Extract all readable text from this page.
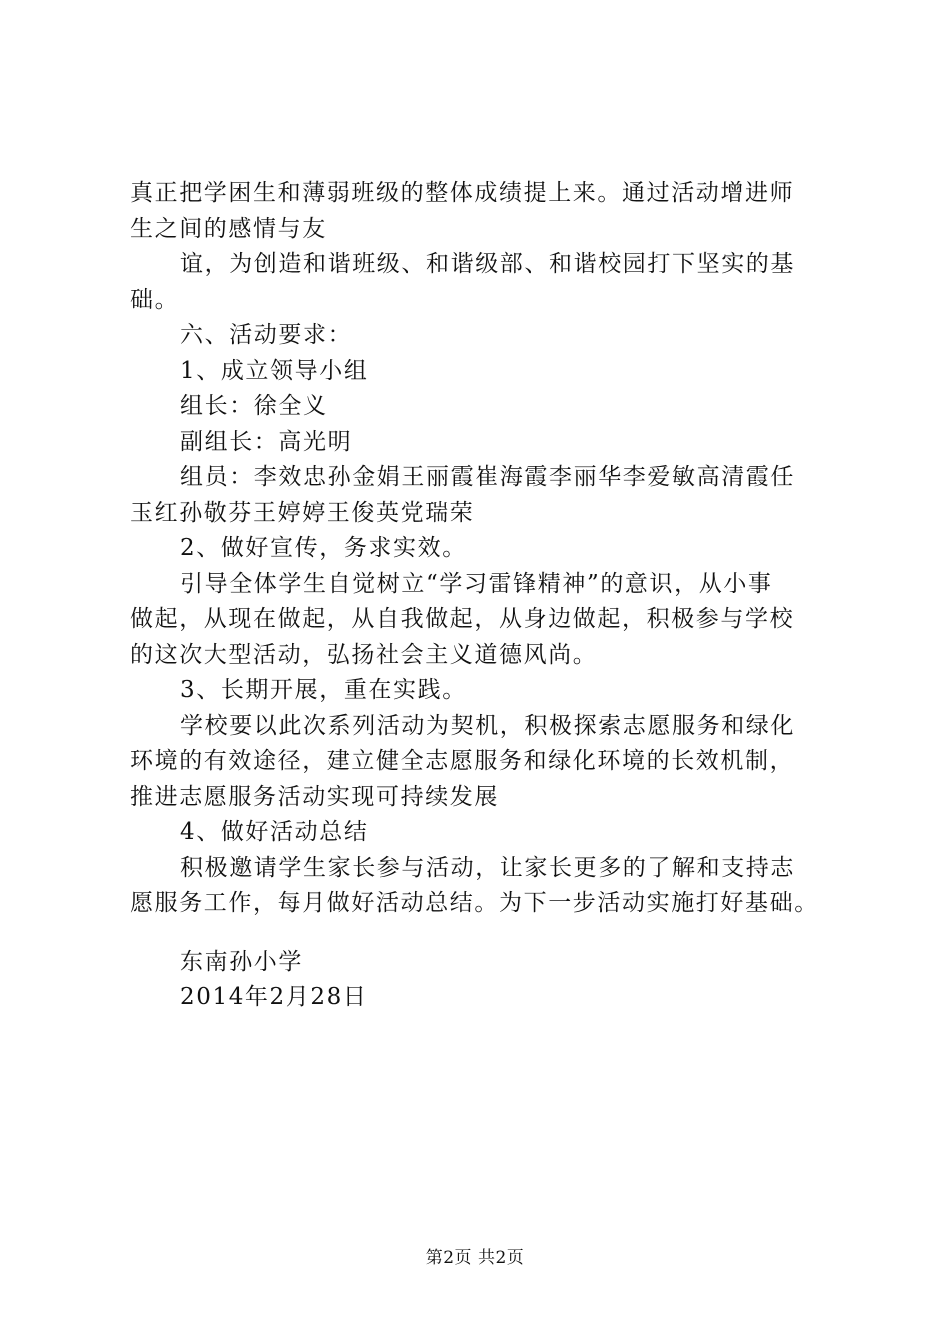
真正把学困生和薄弱班级的整体成绩提上来。通过活动增进师
生之间的感情与友
谊，为创造和谐班级、和谐级部、和谐校园打下坚实的基
础。
六、活动要求：
1、成立领导小组
组长：徐全义
副组长：高光明
组员：李效忠孙金娟王丽霞崔海霞李丽华李爱敏高清霞任
玉红孙敬芬王婷婷王俊英党瑞荣
2、做好宣传，务求实效。
引导全体学生自觉树立“学习雷锋精神”的意识，从小事
做起，从现在做起，从自我做起，从身边做起，积极参与学校
的这次大型活动，弘扬社会主义道德风尚。
3、长期开展，重在实践。
学校要以此次系列活动为契机，积极探索志愿服务和绿化
环境的有效途径，建立健全志愿服务和绿化环境的长效机制，
推进志愿服务活动实现可持续发展
4、做好活动总结
积极邀请学生家长参与活动，让家长更多的了解和支持志
愿服务工作，每月做好活动总结。为下一步活动实施打好基础。
东南孙小学
2014年2月28日
第2页 共2页
